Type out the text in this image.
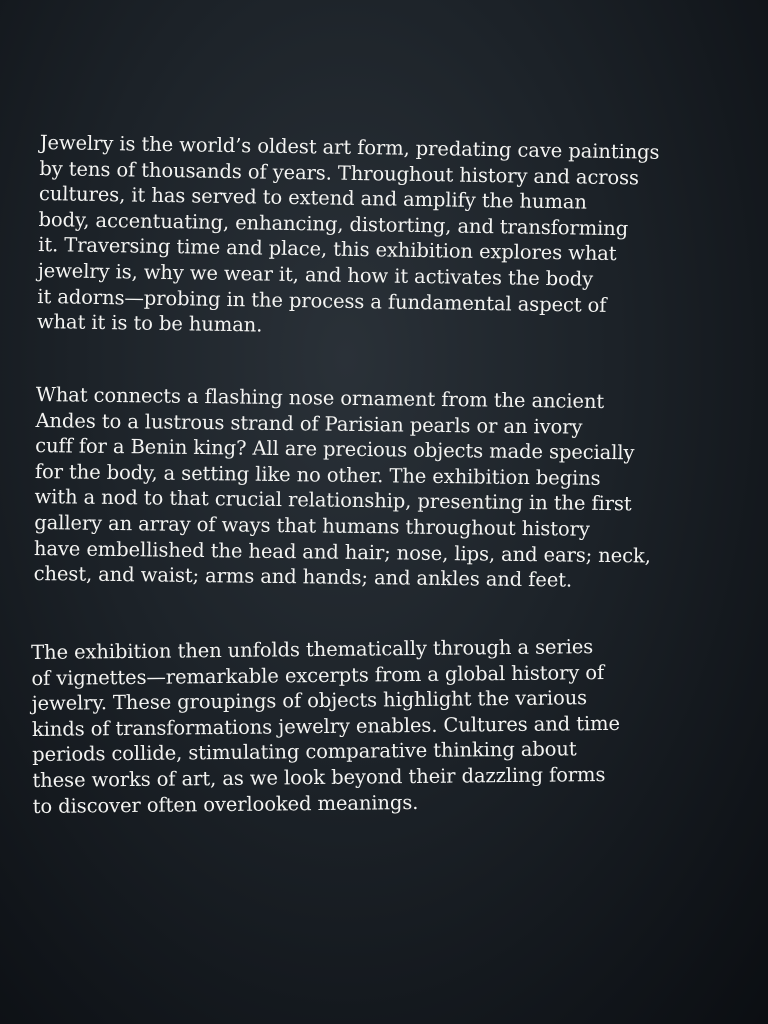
Jewelry is the world’s oldest art form, predating cave paintings
by tens of thousands of years. Throughout history and across
cultures, it has served to extend and amplify the human
body, accentuating, enhancing, distorting, and transforming
it. Traversing time and place, this exhibition explores what
jewelry is, why we wear it, and how it activates the body
it adorns—probing in the process a fundamental aspect of
what it is to be human.

What connects a flashing nose ornament from the ancient
Andes to a lustrous strand of Parisian pearls or an ivory
cuff for a Benin king? All are precious objects made specially
for the body, a setting like no other. The exhibition begins
with a nod to that crucial relationship, presenting in the first
gallery an array of ways that humans throughout history
have embellished the head and hair; nose, lips, and ears; neck,
chest, and waist; arms and hands; and ankles and feet.

The exhibition then unfolds thematically through a series
of vignettes—remarkable excerpts from a global history of
jewelry. These groupings of objects highlight the various
kinds of transformations jewelry enables. Cultures and time
periods collide, stimulating comparative thinking about
these works of art, as we look beyond their dazzling forms
to discover often overlooked meanings.
